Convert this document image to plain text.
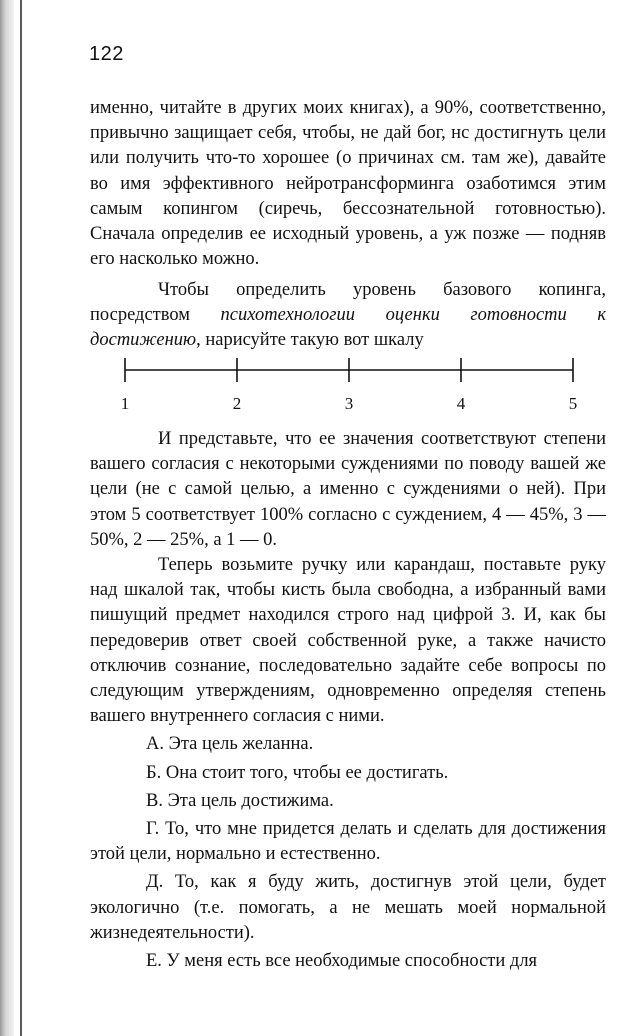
122

именно, читайте в других моих книгах), а 90%, соответственно, привычно защищает себя, чтобы, не дай бог, нс достигнуть цели или получить что-то хорошее (о причинах см. там же), давайте во имя эффективного нейротрансформинга озаботимся этим самым копингом (сиречь, бессознательной готовностью). Сначала определив ее исходный уровень, а уж позже — подняв его насколько можно.

Чтобы определить уровень базового копинга, посредством психотехнологии оценки готовности к достижению, нарисуйте такую вот шкалу

1	2	3	4	5

И представьте, что ее значения соответствуют степени вашего согласия с некоторыми суждениями по поводу вашей же цели (не с самой целью, а именно с суждениями о ней). При этом 5 соответствует 100% согласно с суждением, 4 — 45%, 3 — 50%, 2 — 25%, а 1 — 0.

Теперь возьмите ручку или карандаш, поставьте руку над шкалой так, чтобы кисть была свободна, а избранный вами пишущий предмет находился строго над цифрой 3. И, как бы передоверив ответ своей собственной руке, а также начисто отключив сознание, последовательно задайте себе вопросы по следующим утверждениям, одновременно определяя степень вашего внутреннего согласия с ними.

А. Эта цель желанна.

Б. Она стоит того, чтобы ее достигать.

В. Эта цель достижима.

Г. То, что мне придется делать и сделать для достижения этой цели, нормально и естественно.

Д. То, как я буду жить, достигнув этой цели, будет экологично (т.е. помогать, а не мешать моей нормальной жизнедеятельности).

Е. У меня есть все необходимые способности для
